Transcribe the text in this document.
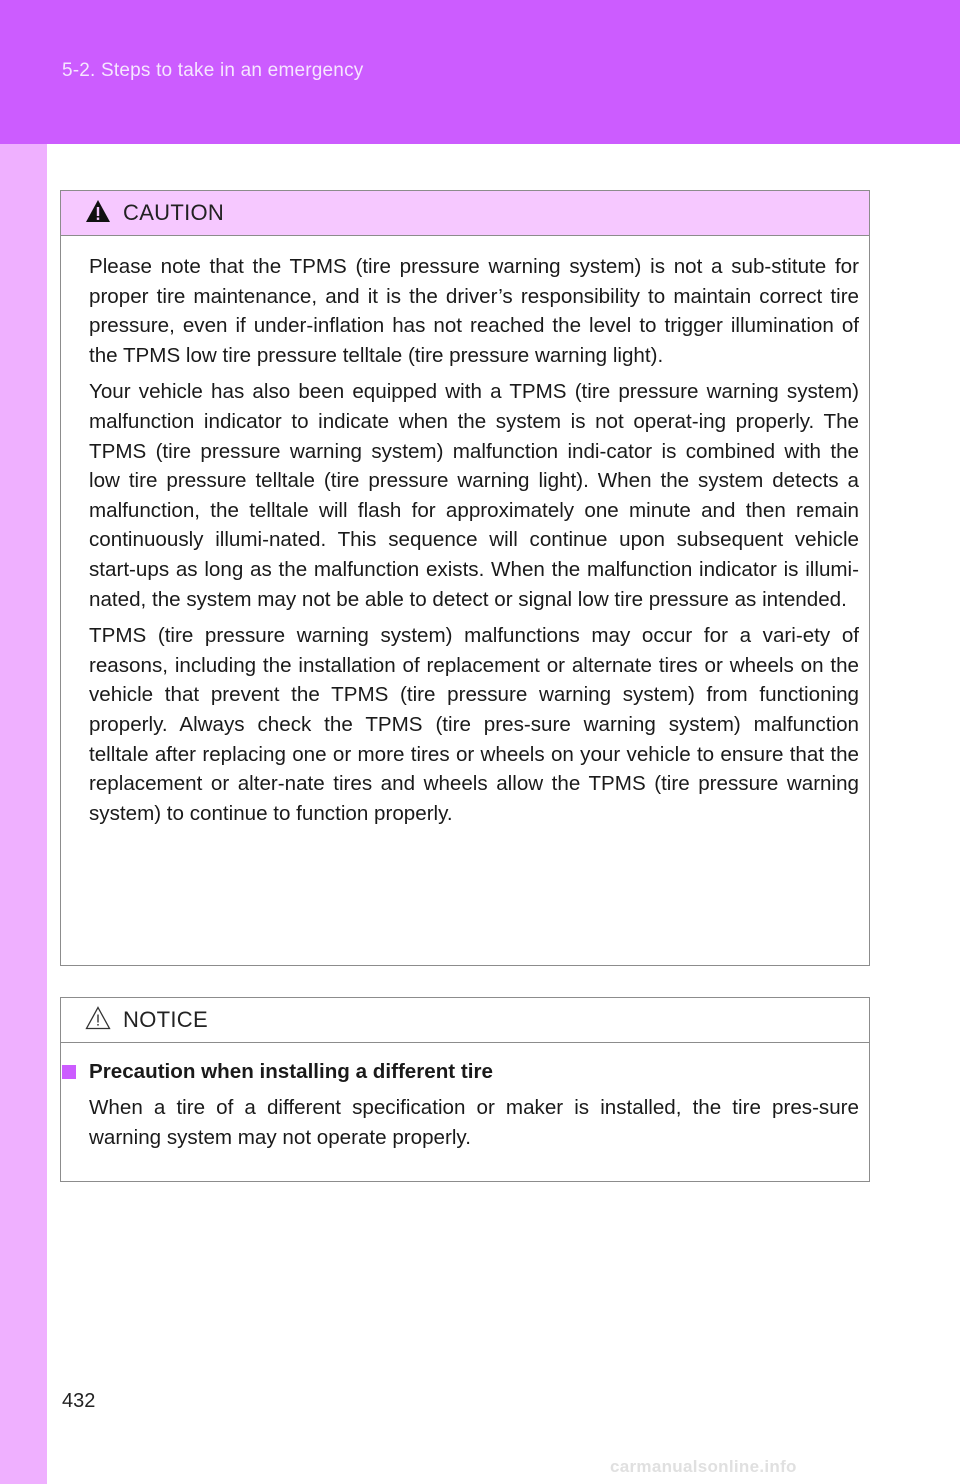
5-2. Steps to take in an emergency
CAUTION

Please note that the TPMS (tire pressure warning system) is not a sub-stitute for proper tire maintenance, and it is the driver’s responsibility to maintain correct tire pressure, even if under-inflation has not reached the level to trigger illumination of the TPMS low tire pressure telltale (tire pressure warning light).

Your vehicle has also been equipped with a TPMS (tire pressure warning system) malfunction indicator to indicate when the system is not operat-ing properly. The TPMS (tire pressure warning system) malfunction indi-cator is combined with the low tire pressure telltale (tire pressure warning light). When the system detects a malfunction, the telltale will flash for approximately one minute and then remain continuously illumi-nated. This sequence will continue upon subsequent vehicle start-ups as long as the malfunction exists. When the malfunction indicator is illumi-nated, the system may not be able to detect or signal low tire pressure as intended.

TPMS (tire pressure warning system) malfunctions may occur for a vari-ety of reasons, including the installation of replacement or alternate tires or wheels on the vehicle that prevent the TPMS (tire pressure warning system) from functioning properly. Always check the TPMS (tire pres-sure warning system) malfunction telltale after replacing one or more tires or wheels on your vehicle to ensure that the replacement or alter-nate tires and wheels allow the TPMS (tire pressure warning system) to continue to function properly.

NOTICE
Precaution when installing a different tire

When a tire of a different specification or maker is installed, the tire pres-sure warning system may not operate properly.

432
carmanualsonline.info
